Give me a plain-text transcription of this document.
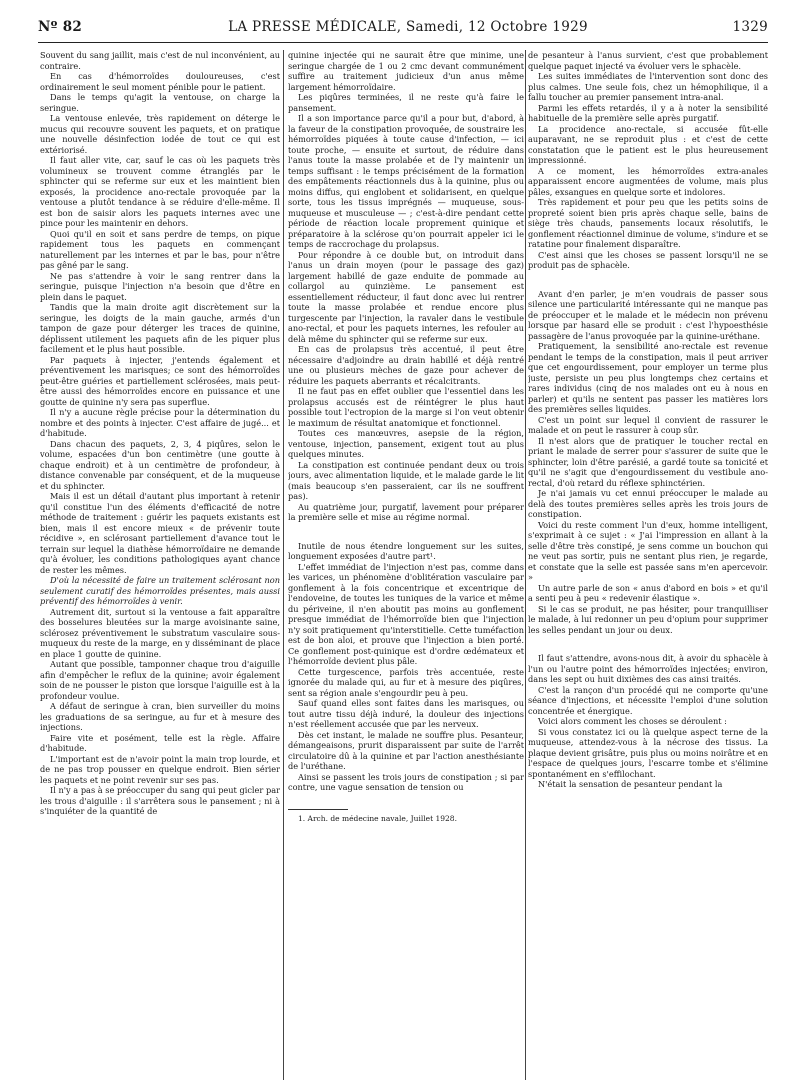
Nº 82	LA PRESSE MÉDICALE, Samedi, 12 Octobre 1929	1329

Souvent du sang jaillit, mais c'est de nul inconvénient, au contraire.

En cas d'hémorroïdes douloureuses, c'est ordinairement le seul moment pénible pour le patient.

Dans le temps qu'agit la ventouse, on charge la seringue.

La ventouse enlevée, très rapidement on déterge le mucus qui recouvre souvent les paquets, et on pratique une nouvelle désinfection iodée de tout ce qui est extériorisé.

Il faut aller vite, car, sauf le cas où les paquets très volumineux se trouvent comme étranglés par le sphincter qui se referme sur eux et les maintient bien exposés, la procidence ano-rectale provoquée par la ventouse a plutôt tendance à se réduire d'elle-même. Il est bon de saisir alors les paquets internes avec une pince pour les maintenir en dehors.

Quoi qu'il en soit et sans perdre de temps, on pique rapidement tous les paquets en commençant naturellement par les internes et par le bas, pour n'être pas gêné par le sang.

Ne pas s'attendre à voir le sang rentrer dans la seringue, puisque l'injection n'a besoin que d'être en plein dans le paquet.

Tandis que la main droite agit discrètement sur la seringue, les doigts de la main gauche, armés d'un tampon de gaze pour déterger les traces de quinine, déplissent utilement les paquets afin de les piquer plus facilement et le plus haut possible.

Par paquets à injecter, j'entends également et préventivement les marisques; ce sont des hémorroïdes peut-être guéries et partiellement sclérosées, mais peut-être aussi des hémorroïdes encore en puissance et une goutte de quinine n'y sera pas superflue.

Il n'y a aucune règle précise pour la détermination du nombre et des points à injecter. C'est affaire de jugé... et d'habitude.

Dans chacun des paquets, 2, 3, 4 piqûres, selon le volume, espacées d'un bon centimètre (une goutte à chaque endroit) et à un centimètre de profondeur, à distance convenable par conséquent, et de la muqueuse et du sphincter.

Mais il est un détail d'autant plus important à retenir qu'il constitue l'un des éléments d'efficacité de notre méthode de traitement : guérir les paquets existants est bien, mais il est encore mieux « de prévenir toute récidive », en sclérosant partiellement d'avance tout le terrain sur lequel la diathèse hémorroïdaire ne demande qu'à évoluer, les conditions pathologiques ayant chance de rester les mêmes.

D'où la nécessité de faire un traitement sclérosant non seulement curatif des hémorroïdes présentes, mais aussi préventif des hémorroïdes à venir.

Autrement dit, surtout si la ventouse a fait apparaître des bosselures bleutées sur la marge avoisinante saine, sclérosez préventivement le substratum vasculaire sous-muqueux du reste de la marge, en y disséminant de place en place 1 goutte de quinine.

Autant que possible, tamponner chaque trou d'aiguille afin d'empêcher le reflux de la quinine; avoir également soin de ne pousser le piston que lorsque l'aiguille est à la profondeur voulue.

A défaut de seringue à cran, bien surveiller du moins les graduations de sa seringue, au fur et à mesure des injections.

Faire vite et posément, telle est la règle. Affaire d'habitude.

L'important est de n'avoir point la main trop lourde, et de ne pas trop pousser en quelque endroit. Bien sérier les paquets et ne point revenir sur ses pas.

Il n'y a pas à se préoccuper du sang qui peut gicler par les trous d'aiguille : il s'arrêtera sous le pansement ; ni à s'inquiéter de la quantité de

quinine injectée qui ne saurait être que minime, une seringue chargée de 1 ou 2 cmc devant communément suffire au traitement judicieux d'un anus même largement hémorroïdaire.

Les piqûres terminées, il ne reste qu'à faire le pansement.

Il a son importance parce qu'il a pour but, d'abord, à la faveur de la constipation provoquée, de soustraire les hémorroïdes piquées à toute cause d'infection, — ici toute proche, — ensuite et surtout, de réduire dans l'anus toute la masse prolabée et de l'y maintenir un temps suffisant : le temps précisément de la formation des empâtements réactionnels dus à la quinine, plus ou moins diffus, qui englobent et solidarisent, en quelque sorte, tous les tissus imprégnés — muqueuse, sous-muqueuse et musculeuse — ; c'est-à-dire pendant cette période de réaction locale proprement quinique et préparatoire à la sclérose qu'on pourrait appeler ici le temps de raccrochage du prolapsus.

Pour répondre à ce double but, on introduit dans l'anus un drain moyen (pour le passage des gaz) largement habillé de gaze enduite de pommade au collargol au quinzième. Le pansement est essentiellement réducteur, il faut donc avec lui rentrer toute la masse prolabée et rendue encore plus turgescente par l'injection, la ravaler dans le vestibule ano-rectal, et pour les paquets internes, les refouler au delà même du sphincter qui se referme sur eux.

En cas de prolapsus très accentué, il peut être nécessaire d'adjoindre au drain habillé et déjà rentré une ou plusieurs mèches de gaze pour achever de réduire les paquets aberrants et récalcitrants.

Il ne faut pas en effet oublier que l'essentiel dans les prolapsus accusés est de réintégrer le plus haut possible tout l'ectropion de la marge si l'on veut obtenir le maximum de résultat anatomique et fonctionnel.

Toutes ces manœuvres, asepsie de la région, ventouse, injection, pansement, exigent tout au plus quelques minutes.

La constipation est continuée pendant deux ou trois jours, avec alimentation liquide, et le malade garde le lit (mais beaucoup s'en passeraient, car ils ne souffrent pas).

Au quatrième jour, purgatif, lavement pour préparer la première selle et mise au régime normal.

Inutile de nous étendre longuement sur les suites, longuement exposées d'autre part¹.

L'effet immédiat de l'injection n'est pas, comme dans les varices, un phénomène d'oblitération vasculaire par gonflement à la fois concentrique et excentrique de l'endoveine, de toutes les tuniques de la varice et même du périveine, il n'en aboutit pas moins au gonflement presque immédiat de l'hémorroïde bien que l'injection n'y soit pratiquement qu'interstitielle. Cette tuméfaction est de bon aloi, et prouve que l'injection a bien porté. Ce gonflement post-quinique est d'ordre œdémateux et l'hémorroïde devient plus pâle.

Cette turgescence, parfois très accentuée, reste ignorée du malade qui, au fur et à mesure des piqûres, sent sa région anale s'engourdir peu à peu.

Sauf quand elles sont faites dans les marisques, ou tout autre tissu déjà induré, la douleur des injections n'est réellement accusée que par les nerveux.

Dès cet instant, le malade ne souffre plus. Pesanteur, démangeaisons, prurit disparaissent par suite de l'arrêt circulatoire dû à la quinine et par l'action anesthésiante de l'uréthane.

Ainsi se passent les trois jours de constipation ; si par contre, une vague sensation de tension ou

1. Arch. de médecine navale, Juillet 1928.

de pesanteur à l'anus survient, c'est que probablement quelque paquet injecté va évoluer vers le sphacèle.

Les suites immédiates de l'intervention sont donc des plus calmes. Une seule fois, chez un hémophilique, il a fallu toucher au premier pansement intra-anal.

Parmi les effets retardés, il y a à noter la sensibilité habituelle de la première selle après purgatif.

La procidence ano-rectale, si accusée fût-elle auparavant, ne se reproduit plus : et c'est de cette constatation que le patient est le plus heureusement impressionné.

A ce moment, les hémorroïdes extra-anales apparaissent encore augmentées de volume, mais plus pâles, exsangues en quelque sorte et indolores.

Très rapidement et pour peu que les petits soins de propreté soient bien pris après chaque selle, bains de siège très chauds, pansements locaux résolutifs, le gonflement réactionnel diminue de volume, s'indure et se ratatine pour finalement disparaître.

C'est ainsi que les choses se passent lorsqu'il ne se produit pas de sphacèle.

Avant d'en parler, je m'en voudrais de passer sous silence une particularité intéressante qui ne manque pas de préoccuper et le malade et le médecin non prévenu lorsque par hasard elle se produit : c'est l'hypoesthésie passagère de l'anus provoquée par la quinine-uréthane.

Pratiquement, la sensibilité ano-rectale est revenue pendant le temps de la constipation, mais il peut arriver que cet engourdissement, pour employer un terme plus juste, persiste un peu plus longtemps chez certains et rares individus (cinq de nos malades ont eu à nous en parler) et qu'ils ne sentent pas passer les matières lors des premières selles liquides.

C'est un point sur lequel il convient de rassurer le malade et on peut le rassurer à coup sûr.

Il n'est alors que de pratiquer le toucher rectal en priant le malade de serrer pour s'assurer de suite que le sphincter, loin d'être parésié, a gardé toute sa tonicité et qu'il ne s'agit que d'engourdissement du vestibule ano-rectal, d'où retard du réflexe sphinctérien.

Je n'ai jamais vu cet ennui préoccuper le malade au delà des toutes premières selles après les trois jours de constipation.

Voici du reste comment l'un d'eux, homme intelligent, s'exprimait à ce sujet : « J'ai l'impression en allant à la selle d'être très constipé, je sens comme un bouchon qui ne veut pas sortir, puis ne sentant plus rien, je regarde, et constate que la selle est passée sans m'en apercevoir. »

Un autre parle de son « anus d'abord en bois » et qu'il a senti peu à peu « redevenir élastique ».

Si le cas se produit, ne pas hésiter, pour tranquilliser le malade, à lui redonner un peu d'opium pour supprimer les selles pendant un jour ou deux.

Il faut s'attendre, avons-nous dit, à avoir du sphacèle à l'un ou l'autre point des hémorroïdes injectées; environ, dans les sept ou huit dixièmes des cas ainsi traités.

C'est la rançon d'un procédé qui ne comporte qu'une séance d'injections, et nécessite l'emploi d'une solution concentrée et énergique.

Voici alors comment les choses se déroulent :

Si vous constatez ici ou là quelque aspect terne de la muqueuse, attendez-vous à la nécrose des tissus. La plaque devient grisâtre, puis plus ou moins noirâtre et en l'espace de quelques jours, l'escarre tombe et s'élimine spontanément en s'effilochant.

N'était la sensation de pesanteur pendant la
